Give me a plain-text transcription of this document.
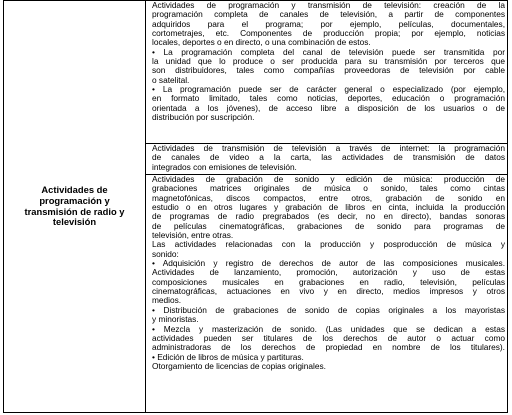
Actividades de
programación y
transmisión de radio y
televisión
Actividades de programación y transmisión de televisión: creación de la
programación completa de canales de televisión, a partir de componentes
adquiridos para el programa; por ejemplo, películas, documentales,
cortometrajes, etc. Componentes de producción propia; por ejemplo, noticias
locales, deportes o en directo, o una combinación de estos.
• La programación completa del canal de televisión puede ser transmitida por
la unidad que lo produce o ser producida para su transmisión por terceros que
son distribuidores, tales como compañías proveedoras de televisión por cable
o satelital.
• La programación puede ser de carácter general o especializado (por ejemplo,
en formato limitado, tales como noticias, deportes, educación o programación
orientada a los jóvenes), de acceso libre a disposición de los usuarios o de
distribución por suscripción.
Actividades de transmisión de televisión a través de internet: la programación
de canales de video a la carta, las actividades de transmisión de datos
integrados con emisiones de televisión.
Actividades de grabación de sonido y edición de música: producción de
grabaciones matrices originales de música o sonido, tales como cintas
magnetofónicas, discos compactos, entre otros, grabación de sonido en
estudio o en otros lugares y grabación de libros en cinta, incluida la producción
de programas de radio pregrabados (es decir, no en directo), bandas sonoras
de películas cinematográficas, grabaciones de sonido para programas de
televisión, entre otras.
Las actividades relacionadas con la producción y posproducción de música y
sonido:
• Adquisición y registro de derechos de autor de las composiciones musicales.
Actividades de lanzamiento, promoción, autorización y uso de estas
composiciones musicales en grabaciones en radio, televisión, películas
cinematográficas, actuaciones en vivo y en directo, medios impresos y otros
medios.
• Distribución de grabaciones de sonido de copias originales a los mayoristas
y minoristas.
• Mezcla y masterización de sonido. (Las unidades que se dedican a estas
actividades pueden ser titulares de los derechos de autor o actuar como
administradoras de los derechos de propiedad en nombre de los titulares).
• Edición de libros de música y partituras.
Otorgamiento de licencias de copias originales.
